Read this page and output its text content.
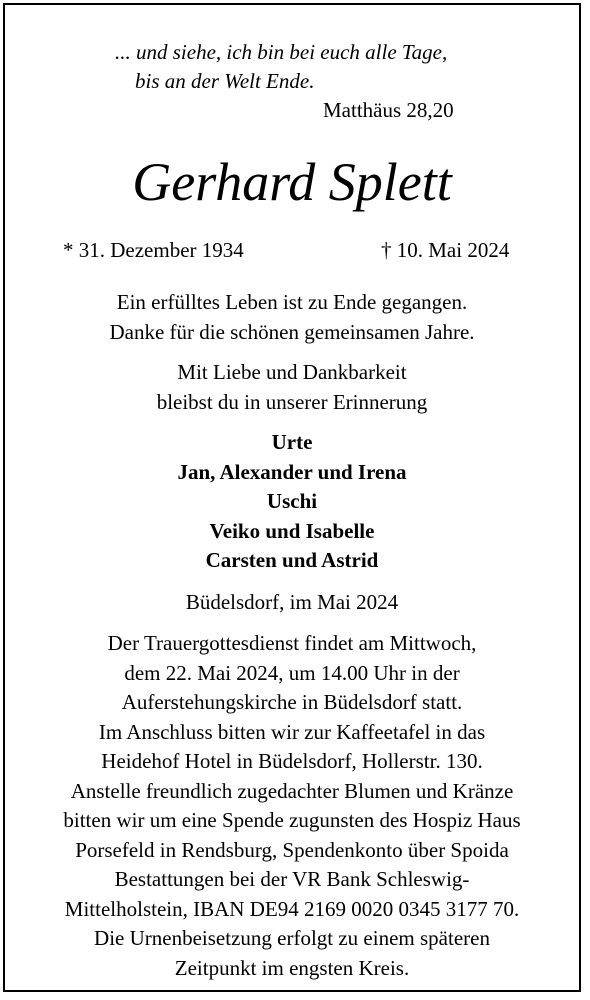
... und siehe, ich bin bei euch alle Tage,
bis an der Welt Ende.
Matthäus 28,20
Gerhard Splett
* 31. Dezember 1934	† 10. Mai 2024
Ein erfülltes Leben ist zu Ende gegangen.
Danke für die schönen gemeinsamen Jahre.
Mit Liebe und Dankbarkeit
bleibst du in unserer Erinnerung
Urte
Jan, Alexander und Irena
Uschi
Veiko und Isabelle
Carsten und Astrid
Büdelsdorf, im Mai 2024
Der Trauergottesdienst findet am Mittwoch,
dem 22. Mai 2024, um 14.00 Uhr in der
Auferstehungskirche in Büdelsdorf statt.
Im Anschluss bitten wir zur Kaffeetafel in das
Heidehof Hotel in Büdelsdorf, Hollerstr. 130.
Anstelle freundlich zugedachter Blumen und Kränze
bitten wir um eine Spende zugunsten des Hospiz Haus
Porsefeld in Rendsburg, Spendenkonto über Spoida
Bestattungen bei der VR Bank Schleswig-
Mittelholstein, IBAN DE94 2169 0020 0345 3177 70.
Die Urnenbeisetzung erfolgt zu einem späteren
Zeitpunkt im engsten Kreis.
